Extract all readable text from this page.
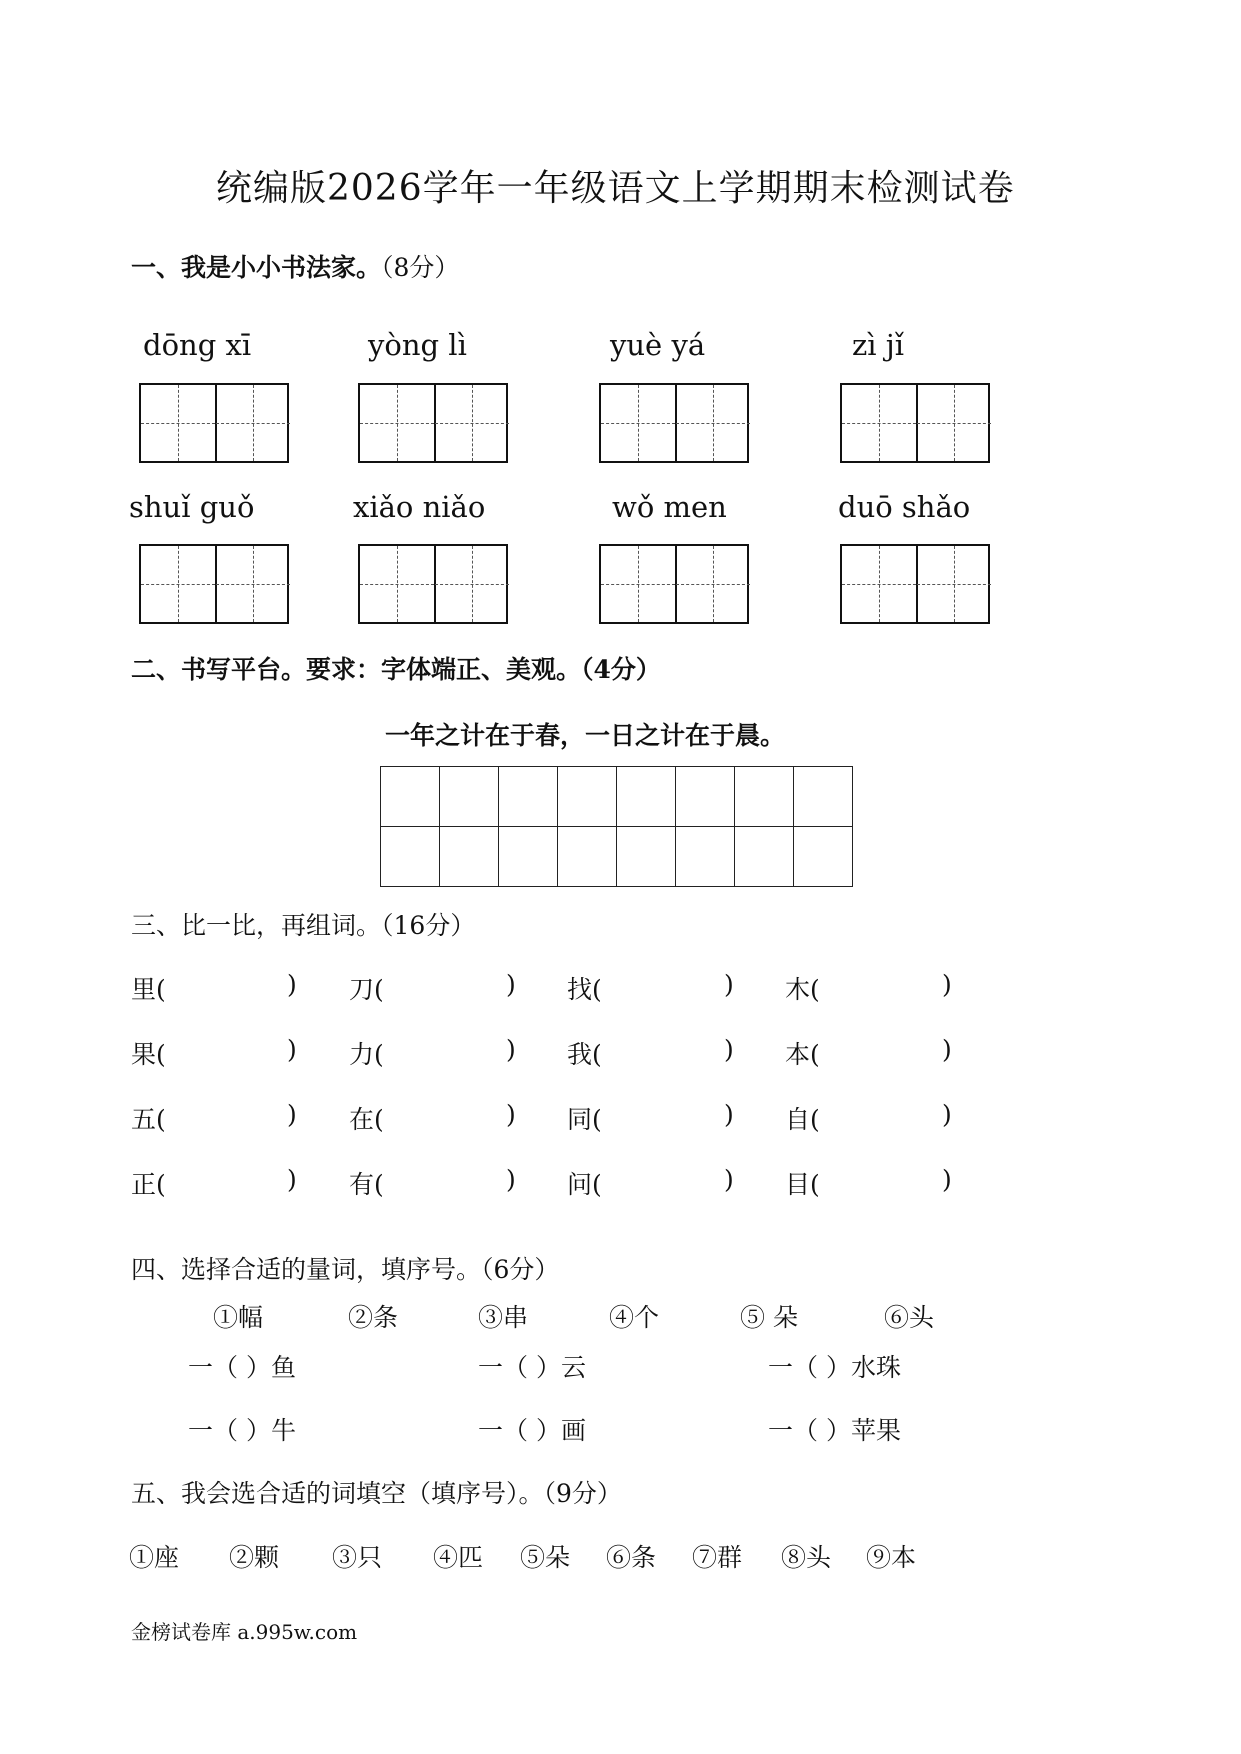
统编版2026学年一年级语文上学期期末检测试卷
一、我是小小书法家。（8分）
dōng xī	yòng lì	yuè yá	zì jǐ
shuǐ guǒ	xiǎo niǎo	wǒ men	duō shǎo
二、书写平台。要求：字体端正、美观。（4分）
一年之计在于春，一日之计在于晨。

三、比一比，再组词。（16分）
里(	) 刀(	) 找(	) 木(	)
果(	) 力(	) 我(	) 本(	)
五(	) 在(	) 同(	) 自(	)
正(	) 有(	) 问(	) 目(	)
四、选择合适的量词，填序号。（6分）
①幅	②条	③串	④个	⑤ 朵	⑥头
一（ ）鱼	一（ ）云	一（ ）水珠
一（ ）牛	一（ ）画	一（ ）苹果
五、我会选合适的词填空（填序号）。（9分）
①座 ②颗 ③只 ④匹 ⑤朵 ⑥条 ⑦群 ⑧头 ⑨本
金榜试卷库 a.995w.com
